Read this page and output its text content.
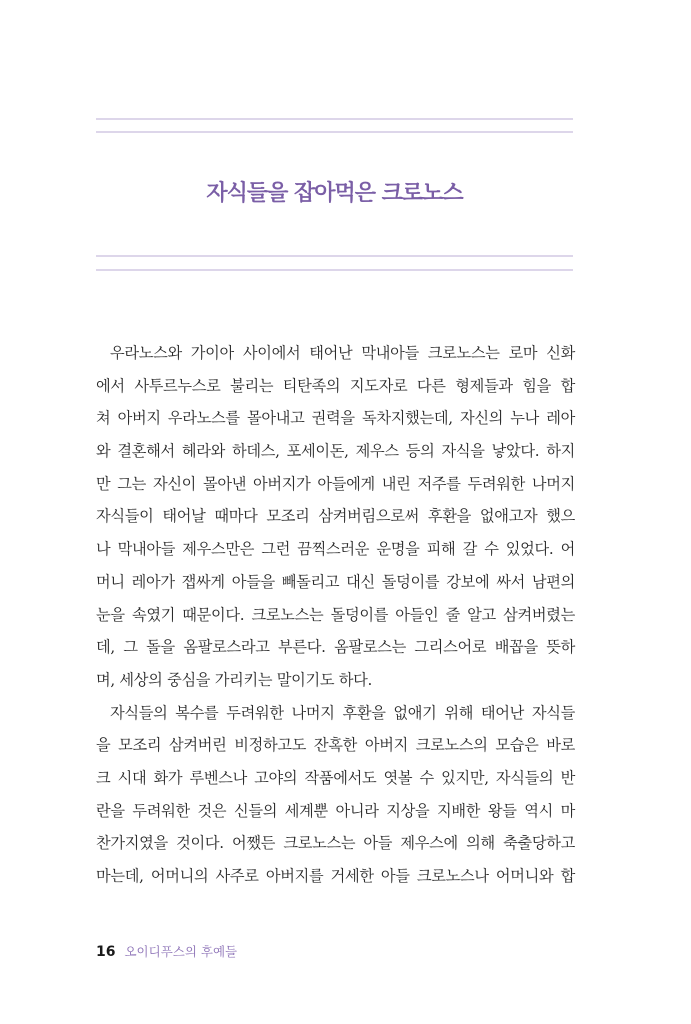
자식들을 잡아먹은 크로노스
우라노스와 가이아 사이에서 태어난 막내아들 크로노스는 로마 신화
에서 사투르누스로 불리는 티탄족의 지도자로 다른 형제들과 힘을 합
쳐 아버지 우라노스를 몰아내고 권력을 독차지했는데, 자신의 누나 레아
와 결혼해서 헤라와 하데스, 포세이돈, 제우스 등의 자식을 낳았다. 하지
만 그는 자신이 몰아낸 아버지가 아들에게 내린 저주를 두려워한 나머지
자식들이 태어날 때마다 모조리 삼켜버림으로써 후환을 없애고자 했으
나 막내아들 제우스만은 그런 끔찍스러운 운명을 피해 갈 수 있었다. 어
머니 레아가 잽싸게 아들을 빼돌리고 대신 돌덩이를 강보에 싸서 남편의
눈을 속였기 때문이다. 크로노스는 돌덩이를 아들인 줄 알고 삼켜버렸는
데, 그 돌을 옴팔로스라고 부른다. 옴팔로스는 그리스어로 배꼽을 뜻하
며, 세상의 중심을 가리키는 말이기도 하다.
자식들의 복수를 두려워한 나머지 후환을 없애기 위해 태어난 자식들
을 모조리 삼켜버린 비정하고도 잔혹한 아버지 크로노스의 모습은 바로
크 시대 화가 루벤스나 고야의 작품에서도 엿볼 수 있지만, 자식들의 반
란을 두려워한 것은 신들의 세계뿐 아니라 지상을 지배한 왕들 역시 마
찬가지였을 것이다. 어쨌든 크로노스는 아들 제우스에 의해 축출당하고
마는데, 어머니의 사주로 아버지를 거세한 아들 크로노스나 어머니와 합
16 오이디푸스의 후예들
